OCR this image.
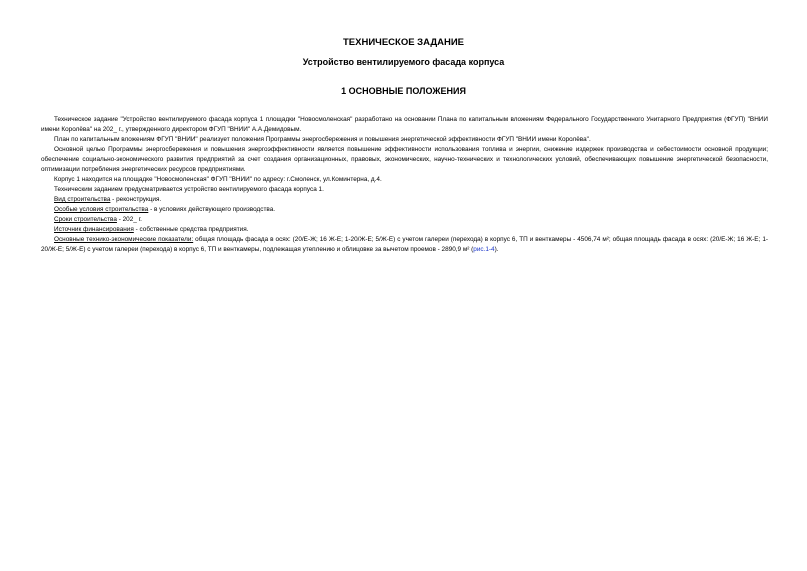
ТЕХНИЧЕСКОЕ ЗАДАНИЕ
Устройство вентилируемого фасада корпуса
1 ОСНОВНЫЕ ПОЛОЖЕНИЯ

Техническое задание "Устройство вентилируемого фасада корпуса 1 площадки "Новосмоленская" разработано на основании Плана по капитальным вложениям Федерального Государственного Унитарного Предприятия (ФГУП) "ВНИИ имени Королёва" на 202_ г., утвержденного директором ФГУП "ВНИИ" А.А.Демидовым.

План по капитальным вложениям ФГУП "ВНИИ" реализует положения Программы энергосбережения и повышения энергетической эффективности ФГУП "ВНИИ имени Королёва".

Основной целью Программы энергосбережения и повышения энергоэффективности является повышение эффективности использования топлива и энергии, снижение издержек производства и себестоимости основной продукции; обеспечение социально-экономического развития предприятий за счет создания организационных, правовых, экономических, научно-технических и технологических условий, обеспечивающих повышение энергетической безопасности, оптимизации потребления энергетических ресурсов предприятиями.

Корпус 1 находится на площадке "Новосмоленская" ФГУП "ВНИИ" по адресу: г.Смоленск, ул.Коминтерна, д.4.

Техническим заданием предусматривается устройство вентилируемого фасада корпуса 1.

Вид строительства - реконструкция.

Особые условия строительства - в условиях действующего производства.

Сроки строительства - 202_ г.

Источник финансирования - собственные средства предприятия.

Основные технико-экономические показатели: общая площадь фасада в осях: (20/Е-Ж; 16 Ж-Е; 1-20/Ж-Е; 5/Ж-Е) с учетом галереи (перехода) в корпус 6, ТП и венткамеры - 4506,74 м²; общая площадь фасада в осях: (20/Е-Ж; 16 Ж-Е; 1-20/Ж-Е; 5/Ж-Е) с учетом галереи (перехода) в корпус 6, ТП и венткамеры, подлежащая утеплению и облицовке за вычетом проемов - 2890,9 м² (рис.1-4).
